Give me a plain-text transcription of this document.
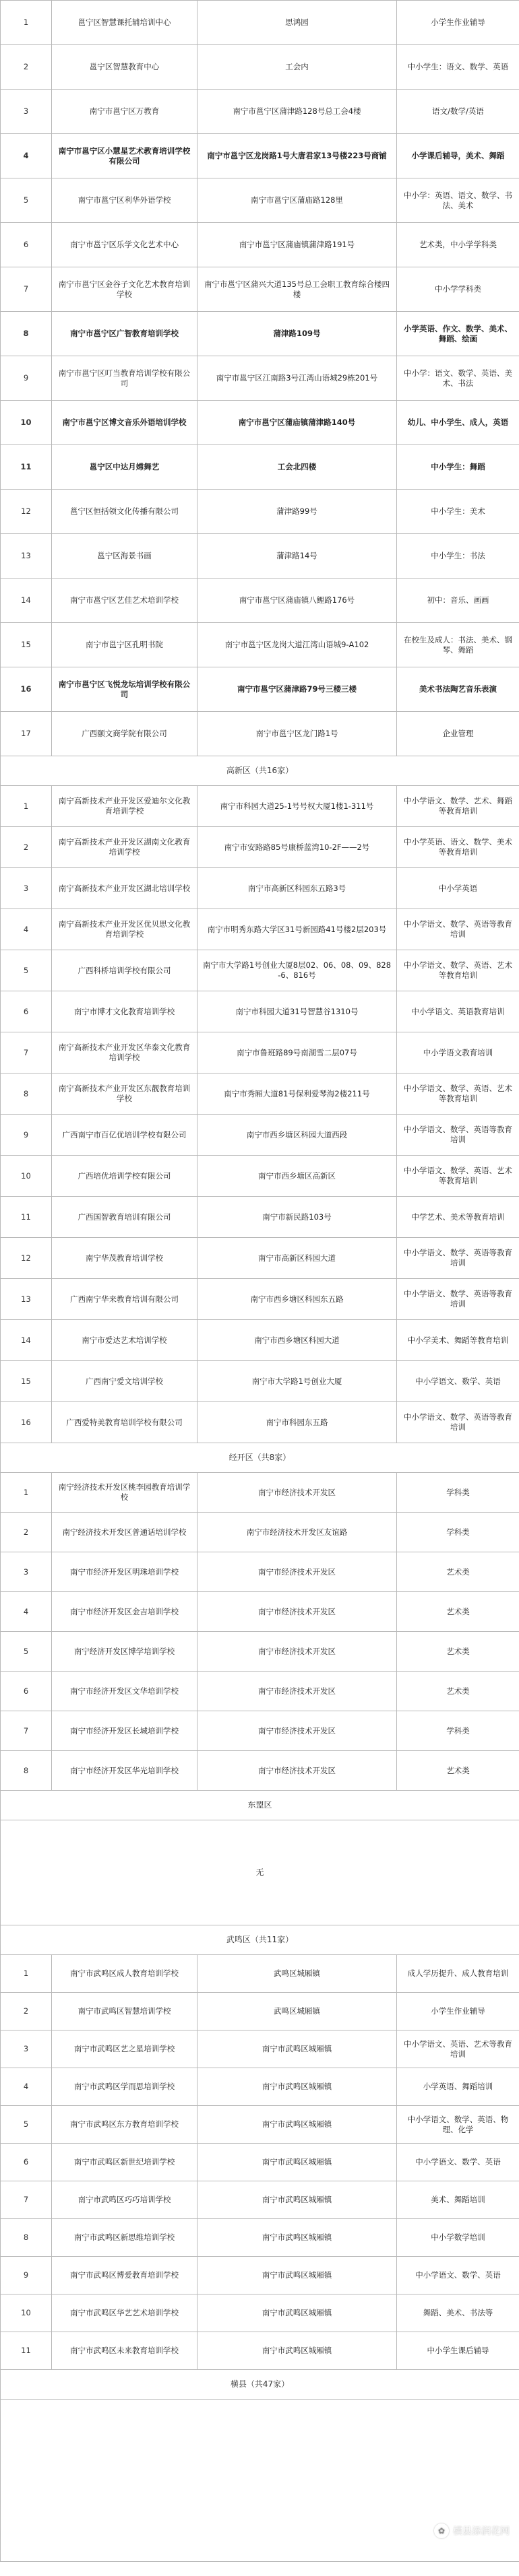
1	邕宁区智慧课托辅培训中心	思鸿园	小学生作业辅导
2	邕宁区智慧教育中心	工会内	中小学生：语文、数学、英语
3	南宁市邕宁区万教育	南宁市邕宁区蒲津路128号总工会4楼	语文/数学/英语
4	南宁市邕宁区小慧星艺术教育培训学校有限公司	南宁市邕宁区龙岗路1号大唐君家13号楼223号商铺	小学课后辅导，美术、舞蹈
5	南宁市邕宁区利华外语学校	南宁市邕宁区蒲庙路128里	中小学：英语、语文、数学、书法、美术
6	南宁市邕宁区乐学文化艺术中心	南宁市邕宁区蒲庙镇蒲津路191号	艺术类，中小学学科类
7	南宁市邕宁区金谷子文化艺术教育培训学校	南宁市邕宁区蒲兴大道135号总工会职工教育综合楼四楼	中小学学科类
8	南宁市邕宁区广智教育培训学校	蒲津路109号	小学英语、作文、数学、美术、舞蹈、绘画
9	南宁市邕宁区叮当教育培训学校有限公司	南宁市邕宁区江南路3号江湾山语城29栋201号	中小学：语文、数学、英语、美术、书法
10	南宁市邕宁区博文音乐外语培训学校	南宁市邕宁区蒲庙镇蒲津路140号	幼儿、中小学生、成人，英语
11	邕宁区中达月嫦舞艺	工会北四楼	中小学生：舞蹈
12	邕宁区恒括领文化传播有限公司	蒲津路99号	中小学生：美术
13	邕宁区海景书画	蒲津路14号	中小学生：书法
14	南宁市邕宁区艺佳艺术培训学校	南宁市邕宁区蒲庙镇八鲤路176号	初中：音乐、画画
15	南宁市邕宁区孔明书院	南宁市邕宁区龙岗大道江湾山语城9-A102	在校生及成人：书法、美术、钢琴、舞蹈
16	南宁市邕宁区飞悦龙坛培训学校有限公司	南宁市邕宁区蒲津路79号三楼三楼	美术书法陶艺音乐表演
17	广西颐文商学院有限公司	南宁市邕宁区龙门路1号	企业管理
高新区（共16家）			
1	南宁高新技术产业开发区爱迪尔文化教育培训学校	南宁市科园大道25-1号号权大厦1楼1-311号	中小学语文、数学、艺术、舞蹈等教育培训
2	南宁高新技术产业开发区湖南文化教育培训学校	南宁市安路路85号康桥蓝湾10-2F——2号	中小学英语、语文、数学、美术等教育培训
3	南宁高新技术产业开发区湖北培训学校	南宁市高新区科园东五路3号	中小学英语
4	南宁高新技术产业开发区优贝思文化教育培训学校	南宁市明秀东路大学区31号新园路41号楼2层203号	中小学语文、数学、英语等教育培训
5	广西科桥培训学校有限公司	南宁市大学路1号创业大厦8层02、06、08、09、828-6、816号	中小学语文、数学、英语、艺术等教育培训
6	南宁市博才文化教育培训学校	南宁市科园大道31号智慧谷1310号	中小学语文、英语教育培训
7	南宁高新技术产业开发区华泰文化教育培训学校	南宁市鲁班路89号南湖雪二层07号	中小学语文教育培训
8	南宁高新技术产业开发区东靓教育培训学校	南宁市秀厢大道81号保利爱琴海2楼211号	中小学语文、数学、英语、艺术等教育培训
9	广西南宁市百亿优培训学校有限公司	南宁市西乡塘区科园大道西段	中小学语文、数学、英语等教育培训
10	广西培优培训学校有限公司	南宁市西乡塘区高新区	中小学语文、数学、英语、艺术等教育培训
11	广西国智教育培训有限公司	南宁市新民路103号	中学艺术、美术等教育培训
12	南宁华茂教育培训学校	南宁市高新区科园大道	中小学语文、数学、英语等教育培训
13	广西南宁华来教育培训有限公司	南宁市西乡塘区科园东五路	中小学语文、数学、英语等教育培训
14	南宁市爱达艺术培训学校	南宁市西乡塘区科园大道	中小学美术、舞蹈等教育培训
15	广西南宁爱文培训学校	南宁市大学路1号创业大厦	中小学语文、数学、英语
16	广西爱特美教育培训学校有限公司	南宁市科园东五路	中小学语文、数学、英语等教育培训
经开区（共8家）			
1	南宁经济技术开发区桃李园教育培训学校	南宁市经济技术开发区	学科类
2	南宁经济技术开发区普通话培训学校	南宁市经济技术开发区友谊路	学科类
3	南宁市经济开发区明珠培训学校	南宁市经济技术开发区	艺术类
4	南宁市经济开发区金吉培训学校	南宁市经济技术开发区	艺术类
5	南宁经济开发区博学培训学校	南宁市经济技术开发区	艺术类
6	南宁市经济开发区文华培训学校	南宁市经济技术开发区	艺术类
7	南宁市经济开发区长城培训学校	南宁市经济技术开发区	学科类
8	南宁市经济开发区华光培训学校	南宁市经济技术开发区	艺术类
东盟区			
无			
武鸣区（共11家）			
1	南宁市武鸣区成人教育培训学校	武鸣区城厢镇	成人学历提升、成人教育培训
2	南宁市武鸣区智慧培训学校	武鸣区城厢镇	小学生作业辅导
3	南宁市武鸣区艺之星培训学校	南宁市武鸣区城厢镇	中小学语文、英语、艺术等教育培训
4	南宁市武鸣区学而思培训学校	南宁市武鸣区城厢镇	小学英语、舞蹈培训
5	南宁市武鸣区东方教育培训学校	南宁市武鸣区城厢镇	中小学语文、数学、英语、物理、化学
6	南宁市武鸣区新世纪培训学校	南宁市武鸣区城厢镇	中小学语文、数学、英语
7	南宁市武鸣区巧巧培训学校	南宁市武鸣区城厢镇	美术、舞蹈培训
8	南宁市武鸣区新思维培训学校	南宁市武鸣区城厢镇	中小学数学培训
9	南宁市武鸣区博爱教育培训学校	南宁市武鸣区城厢镇	中小学语文、数学、英语
10	南宁市武鸣区华艺艺术培训学校	南宁市武鸣区城厢镇	舞蹈、美术、书法等
11	南宁市武鸣区未来教育培训学校	南宁市武鸣区城厢镇	中小学生课后辅导
横县（共47家）			

✿ 横县添润花网
